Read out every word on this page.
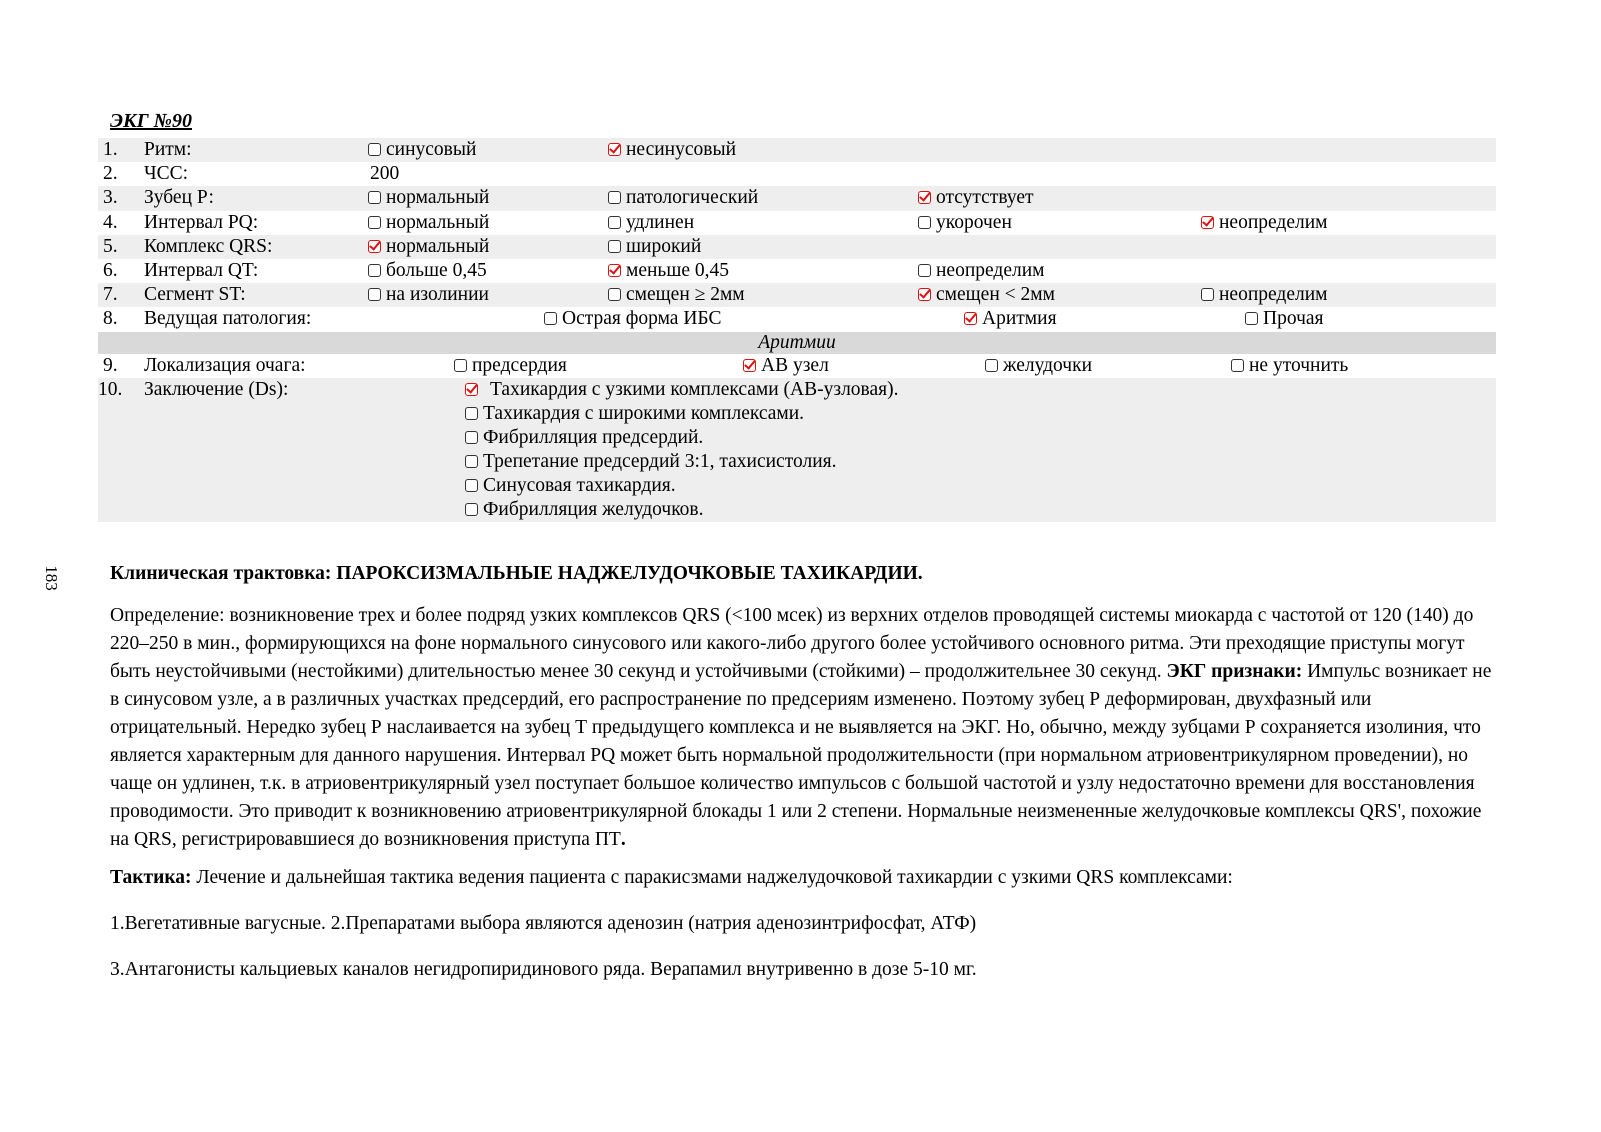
183
ЭКГ №90
1. Ритм:	синусовый	несинусовый
2. ЧСС:	200
3. Зубец Р:	нормальный	патологический	отсутствует
4. Интервал PQ:	нормальный	удлинен	укорочен	неопределим
5. Комплекс QRS:	нормальный	широкий
6. Интервал QT:	больше 0,45	меньше 0,45	неопределим
7. Сегмент ST:	на изолинии	смещен ≥ 2мм	смещен < 2мм	неопределим
8. Ведущая патология:	Острая форма ИБС	Аритмия	Прочая
Аритмии
9. Локализация очага:	предсердия	АВ узел	желудочки	не уточнить
10. Заключение (Ds):	Тахикардия с узкими комплексами (АВ-узловая).
Тахикардия с широкими комплексами.
Фибрилляция предсердий.
Трепетание предсердий 3:1, тахисистолия.
Синусовая тахикардия.
Фибрилляция желудочков.

Клиническая трактовка: ПАРОКСИЗМАЛЬНЫЕ НАДЖЕЛУДОЧКОВЫЕ ТАХИКАРДИИ.

Определение: возникновение трех и более подряд узких комплексов QRS (<100 мсек) из верхних отделов проводящей системы миокарда с частотой от 120 (140) до 220–250 в мин., формирующихся на фоне нормального синусового или какого-либо другого более устойчивого основного ритма. Эти преходящие приступы могут быть неустойчивыми (нестойкими) длительностью менее 30 секунд и устойчивыми (стойкими) – продолжительнее 30 секунд. ЭКГ признаки: Импульс возникает не в синусовом узле, а в различных участках предсердий, его распространение по предсериям изменено. Поэтому зубец Р деформирован, двухфазный или отрицательный. Нередко зубец Р наслаивается на зубец Т предыдущего комплекса и не выявляется на ЭКГ. Но, обычно, между зубцами Р сохраняется изолиния, что является характерным для данного нарушения. Интервал PQ может быть нормальной продолжительности (при нормальном атриовентрикулярном проведении), но чаще он удлинен, т.к. в атриовентрикулярный узел поступает большое количество импульсов с большой частотой и узлу недостаточно времени для восстановления проводимости. Это приводит к возникновению атриовентрикулярной блокады 1 или 2 степени. Нормальные неизмененные желудочковые комплексы QRS', похожие на QRS, регистрировавшиеся до возникновения приступа ПТ.

Тактика: Лечение и дальнейшая тактика ведения пациента с паракисзмами наджелудочковой тахикардии с узкими QRS комплексами:

1.Вегетативные вагусные. 2.Препаратами выбора являются аденозин (натрия аденозинтрифосфат, АТФ)

3.Антагонисты кальциевых каналов негидропиридинового ряда. Верапамил внутривенно в дозе 5-10 мг.
